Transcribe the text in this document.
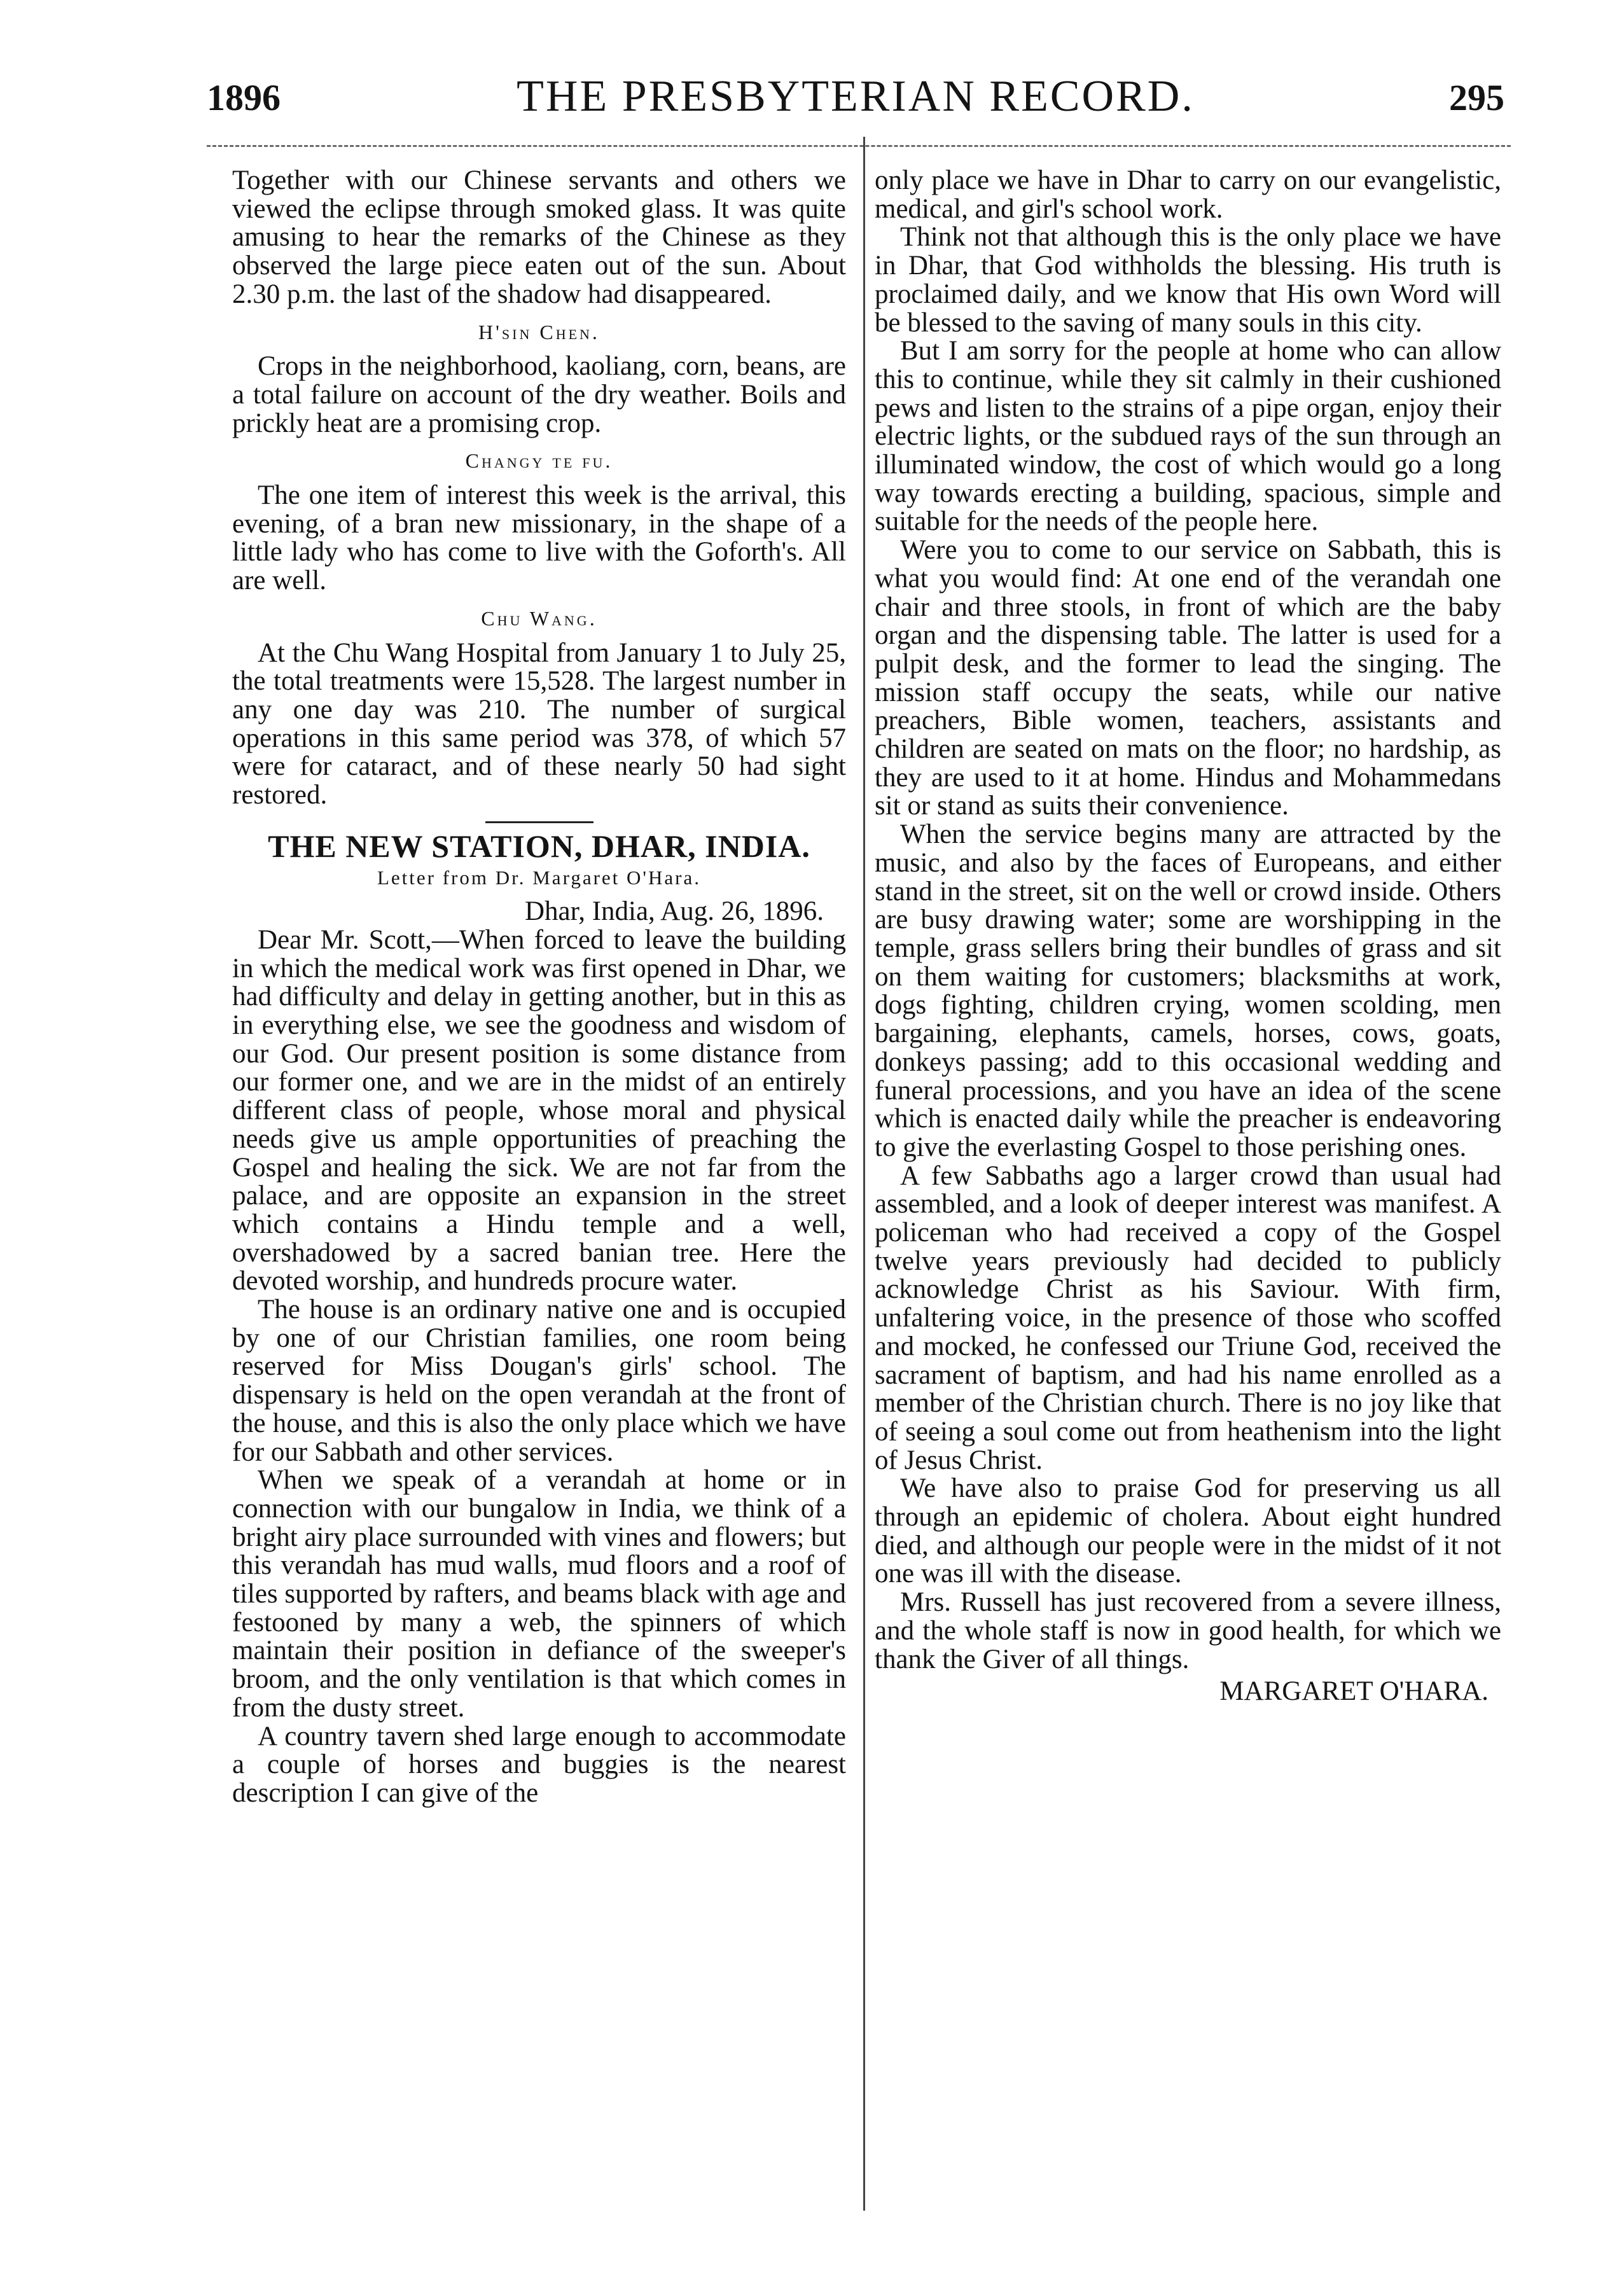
1896	THE PRESBYTERIAN RECORD.	295

Together with our Chinese servants and others we viewed the eclipse through smoked glass. It was quite amusing to hear the remarks of the Chinese as they observed the large piece eaten out of the sun. About 2.30 p.m. the last of the shadow had disappeared.

H'sin Chen.

Crops in the neighborhood, kaoliang, corn, beans, are a total failure on account of the dry weather. Boils and prickly heat are a promising crop.

Changy te fu.

The one item of interest this week is the arrival, this evening, of a bran new missionary, in the shape of a little lady who has come to live with the Goforth's. All are well.

Chu Wang.

At the Chu Wang Hospital from January 1 to July 25, the total treatments were 15,528. The largest number in any one day was 210. The number of surgical operations in this same period was 378, of which 57 were for cataract, and of these nearly 50 had sight restored.

THE NEW STATION, DHAR, INDIA.
Letter from Dr. Margaret O'Hara.

Dhar, India, Aug. 26, 1896.

Dear Mr. Scott,—When forced to leave the building in which the medical work was first opened in Dhar, we had difficulty and delay in getting another, but in this as in everything else, we see the goodness and wisdom of our God. Our present position is some distance from our former one, and we are in the midst of an entirely different class of people, whose moral and physical needs give us ample opportunities of preaching the Gospel and healing the sick. We are not far from the palace, and are opposite an expansion in the street which contains a Hindu temple and a well, overshadowed by a sacred banian tree. Here the devoted worship, and hundreds procure water.

The house is an ordinary native one and is occupied by one of our Christian families, one room being reserved for Miss Dougan's girls' school. The dispensary is held on the open verandah at the front of the house, and this is also the only place which we have for our Sabbath and other services.

When we speak of a verandah at home or in connection with our bungalow in India, we think of a bright airy place surrounded with vines and flowers; but this verandah has mud walls, mud floors and a roof of tiles supported by rafters, and beams black with age and festooned by many a web, the spinners of which maintain their position in defiance of the sweeper's broom, and the only ventilation is that which comes in from the dusty street.

A country tavern shed large enough to accommodate a couple of horses and buggies is the nearest description I can give of the

only place we have in Dhar to carry on our evangelistic, medical, and girl's school work.

Think not that although this is the only place we have in Dhar, that God withholds the blessing. His truth is proclaimed daily, and we know that His own Word will be blessed to the saving of many souls in this city.

But I am sorry for the people at home who can allow this to continue, while they sit calmly in their cushioned pews and listen to the strains of a pipe organ, enjoy their electric lights, or the subdued rays of the sun through an illuminated window, the cost of which would go a long way towards erecting a building, spacious, simple and suitable for the needs of the people here.

Were you to come to our service on Sabbath, this is what you would find: At one end of the verandah one chair and three stools, in front of which are the baby organ and the dispensing table. The latter is used for a pulpit desk, and the former to lead the singing. The mission staff occupy the seats, while our native preachers, Bible women, teachers, assistants and children are seated on mats on the floor; no hardship, as they are used to it at home. Hindus and Mohammedans sit or stand as suits their convenience.

When the service begins many are attracted by the music, and also by the faces of Europeans, and either stand in the street, sit on the well or crowd inside. Others are busy drawing water; some are worshipping in the temple, grass sellers bring their bundles of grass and sit on them waiting for customers; blacksmiths at work, dogs fighting, children crying, women scolding, men bargaining, elephants, camels, horses, cows, goats, donkeys passing; add to this occasional wedding and funeral processions, and you have an idea of the scene which is enacted daily while the preacher is endeavoring to give the everlasting Gospel to those perishing ones.

A few Sabbaths ago a larger crowd than usual had assembled, and a look of deeper interest was manifest. A policeman who had received a copy of the Gospel twelve years previously had decided to publicly acknowledge Christ as his Saviour. With firm, unfaltering voice, in the presence of those who scoffed and mocked, he confessed our Triune God, received the sacrament of baptism, and had his name enrolled as a member of the Christian church. There is no joy like that of seeing a soul come out from heathenism into the light of Jesus Christ.

We have also to praise God for preserving us all through an epidemic of cholera. About eight hundred died, and although our people were in the midst of it not one was ill with the disease.

Mrs. Russell has just recovered from a severe illness, and the whole staff is now in good health, for which we thank the Giver of all things.

MARGARET O'HARA.
